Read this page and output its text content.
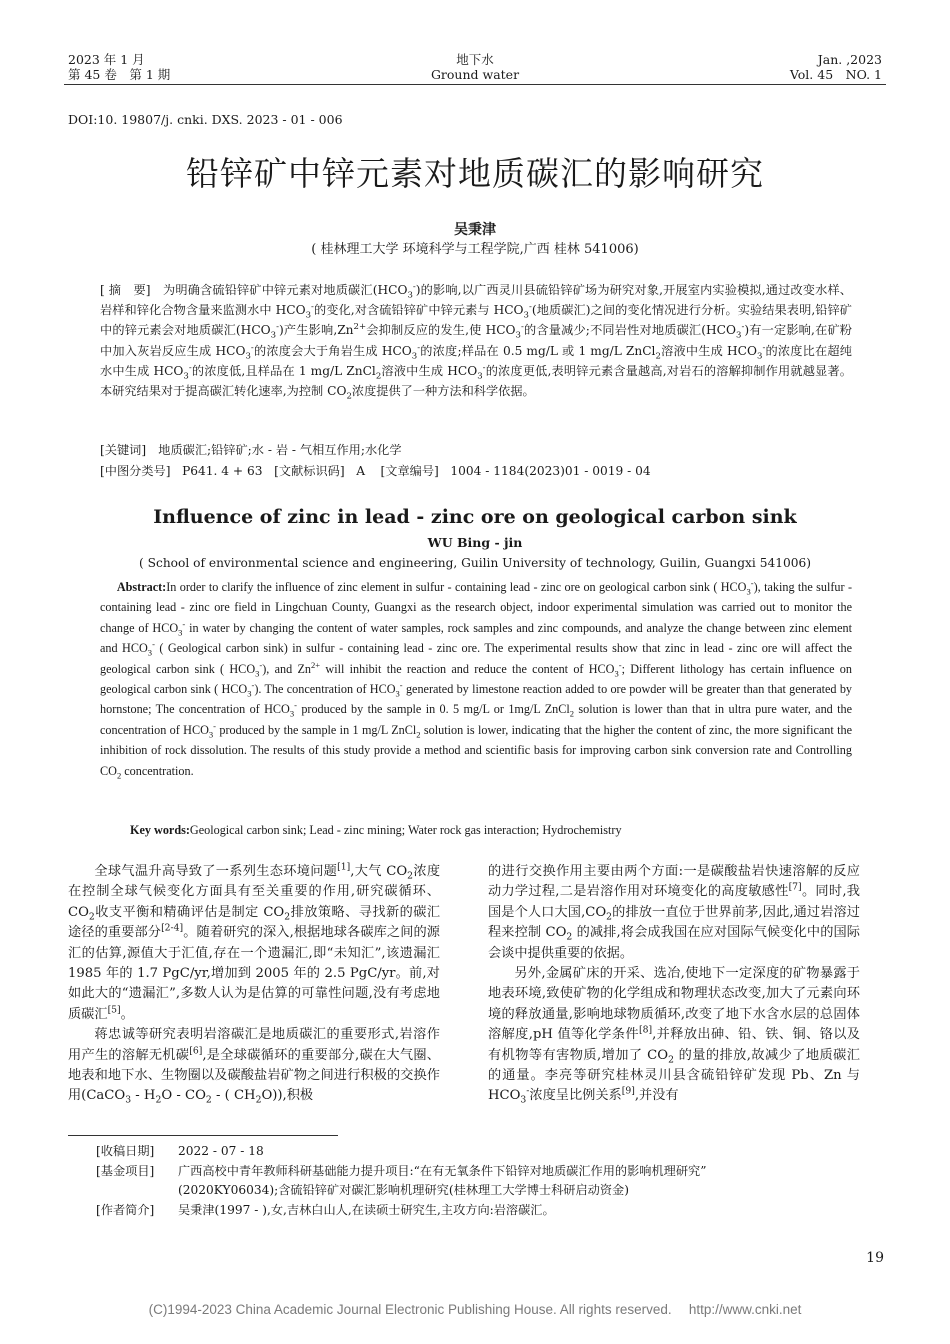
2023 年 1 月
第 45 卷　第 1 期
地下水
Ground water
Jan. ,2023
Vol. 45　NO. 1
DOI:10. 19807/j. cnki. DXS. 2023 - 01 - 006
铅锌矿中锌元素对地质碳汇的影响研究
吴秉津
( 桂林理工大学 环境科学与工程学院,广西 桂林 541006)
[ 摘　要]　 为明确含硫铅锌矿中锌元素对地质碳汇$(HCO_3^-)$的影响,以广西灵川县硫铅锌矿场为研究对象,开展室内实验模拟,通过改变水样、岩样和锌化合物含量来监测水中 $HCO_3^-$的变化,对含硫铅锌矿中锌元素与 $HCO_3^-$(地质碳汇)之间的变化情况进行分析。实验结果表明,铅锌矿中的锌元素会对地质碳汇$(HCO_3^-)$产生影响$,Zn^{2+}$会抑制反应的发生,使 $HCO_3^-$的含量减少;不同岩性对地质碳汇$(HCO_3^-)$有一定影响,在矿粉中加入灰岩反应生成 $HCO_3^-$的浓度会大于角岩生成 $HCO_3^-$的浓度;样品在 0.5 mg/L 或 1 mg/L ZnCl$_2$溶液中生成 $HCO_3^-$的浓度比在超纯水中生成 $HCO_3^-$的浓度低,且样品在 1 mg/L ZnCl$_2$溶液中生成 $HCO_3^-$的浓度更低,表明锌元素含量越高,对岩石的溶解抑制作用就越显著。本研究结果对于提高碳汇转化速率,为控制 $CO_2$浓度提供了一种方法和科学依据。
[关键词]　 地质碳汇;铅锌矿;水 - 岩 - 气相互作用;水化学
[中图分类号] P641. 4 + 63 [文献标识码] A [文章编号] 1004 - 1184(2023)01 - 0019 - 04
Influence of zinc in lead - zinc ore on geological carbon sink
WU Bing - jin
( School of environmental science and engineering, Guilin University of technology, Guilin, Guangxi 541006)
Abstract:In order to clarify the influence of zinc element in sulfur - containing lead - zinc ore on geological carbon sink ( $HCO_3^-$), taking the sulfur - containing lead - zinc ore field in Lingchuan County, Guangxi as the research object, indoor experimental simulation was carried out to monitor the change of $HCO_3^-$ in water by changing the content of water samples, rock samples and zinc compounds, and analyze the change between zinc element and $HCO_3^-$ ( Geological carbon sink) in sulfur - containing lead - zinc ore. The experimental results show that zinc in lead - zinc ore will affect the geological carbon sink ( $HCO_3^-$), and $Zn^{2+}$ will inhibit the reaction and reduce the content of $HCO_3^-$; Different lithology has certain influence on geological carbon sink ( $HCO_3^-$). The concentration of $HCO_3^-$ generated by limestone reaction added to ore powder will be greater than that generated by hornstone; The concentration of $HCO_3^-$ produced by the sample in 0. 5 mg/L or 1mg/L ZnCl$_2$ solution is lower than that in ultra pure water, and the concentration of $HCO_3^-$ produced by the sample in 1 mg/L ZnCl$_2$ solution is lower, indicating that the higher the content of zinc, the more significant the inhibition of rock dissolution. The results of this study provide a method and scientific basis for improving carbon sink conversion rate and Controlling $CO_2$ concentration.
Key words:Geological carbon sink; Lead - zinc mining; Water rock gas interaction; Hydrochemistry

全球气温升高导致了一系列生态环境问题[1],大气 $CO_2$浓度在控制全球气候变化方面具有至关重要的作用,研究碳循环、$CO_2$收支平衡和精确评估是制定 $CO_2$排放策略、寻找新的碳汇途径的重要部分[2-4]。随着研究的深入,根据地球各碳库之间的源汇的估算,源值大于汇值,存在一个遗漏汇,即“未知汇”,该遗漏汇 1985 年的 1.7 PgC/yr,增加到 2005 年的 2.5 PgC/yr。前,对如此大的“遗漏汇”,多数人认为是估算的可靠性问题,没有考虑地质碳汇[5]。

蒋忠诚等研究表明岩溶碳汇是地质碳汇的重要形式,岩溶作用产生的溶解无机碳[6],是全球碳循环的重要部分,碳在大气圈、地表和地下水、生物圈以及碳酸盐岩矿物之间进行积极的交换作用(CaCO$_3$ - $H_2O - CO_2$ - ( $CH_2O$)),积极

的进行交换作用主要由两个方面:一是碳酸盐岩快速溶解的反应动力学过程,二是岩溶作用对环境变化的高度敏感性[7]。同时,我国是个人口大国$,CO_2$的排放一直位于世界前茅,因此,通过岩溶过程来控制 $CO_2$ 的减排,将会成我国在应对国际气候变化中的国际会谈中提供重要的依据。

另外,金属矿床的开采、选冶,使地下一定深度的矿物暴露于地表环境,致使矿物的化学组成和物理状态改变,加大了元素向环境的释放通量,影响地球物质循环,改变了地下水含水层的总固体溶解度,pH 值等化学条件[8],并释放出砷、铅、铁、铜、铬以及有机物等有害物质,增加了 $CO_2$ 的量的排放,故减少了地质碳汇的通量。李亮等研究桂林灵川县含硫铅锌矿发现 Pb、Zn 与 $HCO_3^-$浓度呈比例关系[9],并没有

[收稿日期]	2022 - 07 - 18
[基金项目]	广西高校中青年教师科研基础能力提升项目:“在有无氧条件下铅锌对地质碳汇作用的影响机理研究”
(2020KY06034);含硫铅锌矿对碳汇影响机理研究(桂林理工大学博士科研启动资金)
[作者简介]	吴秉津(1997 - ),女,吉林白山人,在读硕士研究生,主攻方向:岩溶碳汇。
19
(C)1994-2023 China Academic Journal Electronic Publishing House. All rights reserved.　 http://www.cnki.net
